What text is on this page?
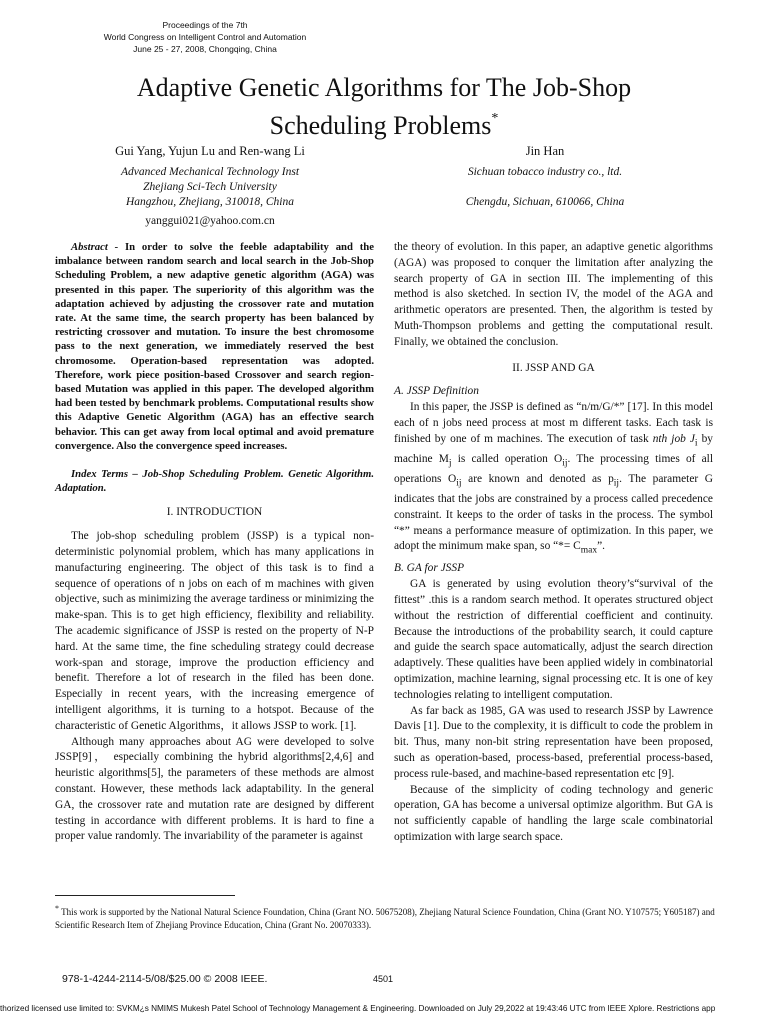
Proceedings of the 7th
World Congress on Intelligent Control and Automation
June 25 - 27, 2008, Chongqing, China
Adaptive Genetic Algorithms for The Job-Shop
Scheduling Problems*
Gui Yang, Yujun Lu and Ren-wang Li
Advanced Mechanical Technology Inst
Zhejiang Sci-Tech University
Hangzhou, Zhejiang, 310018, China
yanggui021@yahoo.com.cn
Jin Han
Sichuan tobacco industry co., ltd.
Chengdu, Sichuan, 610066, China

Abstract - In order to solve the feeble adaptability and the imbalance between random search and local search in the Job-Shop Scheduling Problem, a new adaptive genetic algorithm (AGA) was presented in this paper. The superiority of this algorithm was the adaptation achieved by adjusting the crossover rate and mutation rate. At the same time, the search property has been balanced by restricting crossover and mutation. To insure the best chromosome pass to the next generation, we immediately reserved the best chromosome. Operation-based representation was adopted. Therefore, work piece position-based Crossover and search region-based Mutation was applied in this paper. The developed algorithm had been tested by benchmark problems. Computational results show this Adaptive Genetic Algorithm (AGA) has an effective search behavior. This can get away from local optimal and avoid premature convergence. Also the convergence speed increases.

Index Terms – Job-Shop Scheduling Problem. Genetic Algorithm. Adaptation.

I. INTRODUCTION

The job-shop scheduling problem (JSSP) is a typical non-deterministic polynomial problem, which has many applications in manufacturing engineering. The object of this task is to find a sequence of operations of n jobs on each of m machines with given objective, such as minimizing the average tardiness or minimizing the make-span. This is to get high efficiency, flexibility and reliability. The academic significance of JSSP is rested on the property of N-P hard. At the same time, the fine scheduling strategy could decrease work-span and storage, improve the production efficiency and benefit. Therefore a lot of research in the filed has been done. Especially in recent years, with the increasing emergence of intelligent algorithms, it is turning to a hotspot. Because of the characteristic of Genetic Algorithms，it allows JSSP to work. [1].

Although many approaches about AG were developed to solve JSSP[9]， especially combining the hybrid algorithms[2,4,6] and heuristic algorithms[5], the parameters of these methods are almost constant. However, these methods lack adaptability. In the general GA, the crossover rate and mutation rate are designed by different testing in accordance with different problems. It is hard to fine a proper value randomly. The invariability of the parameter is against

the theory of evolution. In this paper, an adaptive genetic algorithms (AGA) was proposed to conquer the limitation after analyzing the search property of GA in section III. The implementing of this method is also sketched. In section IV, the model of the AGA and arithmetic operators are presented. Then, the algorithm is tested by Muth-Thompson problems and getting the computational result. Finally, we obtained the conclusion.

II. JSSP AND GA

A. JSSP Definition

In this paper, the JSSP is defined as “n/m/G/*” [17]. In this model each of n jobs need process at most m different tasks. Each task is finished by one of m machines. The execution of task nth job $J_i$ by machine $M_j$ is called operation $O_{ij}$. The processing times of all operations $O_{ij}$ are known and denoted as $p_{ij}$. The parameter G indicates that the jobs are constrained by a process called precedence constraint. It keeps to the order of tasks in the process. The symbol “*” means a performance measure of optimization. In this paper, we adopt the minimum make span, so “*= $C_{max}$”.

B. GA for JSSP

GA is generated by using evolution theory’s“survival of the fittest” .this is a random search method. It operates structured object without the restriction of differential coefficient and continuity. Because the introductions of the probability search, it could capture and guide the search space automatically, adjust the search direction adaptively. These qualities have been applied widely in combinatorial optimization, machine learning, signal processing etc. It is one of key technologies relating to intelligent computation.

As far back as 1985, GA was used to research JSSP by Lawrence Davis [1]. Due to the complexity, it is difficult to code the problem in bit. Thus, many non-bit string representation have been proposed, such as operation-based, process-based, preferential process-based, process rule-based, and machine-based representation etc [9].

Because of the simplicity of coding technology and generic operation, GA has become a universal optimize algorithm. But GA is not sufficiently capable of handling the large scale combinatorial optimization with large search space.

* This work is supported by the National Natural Science Foundation, China (Grant NO. 50675208), Zhejiang Natural Science Foundation, China (Grant NO. Y107575; Y605187) and Scientific Research Item of Zhejiang Province Education, China (Grant No. 20070333).
978-1-4244-2114-5/08/$25.00 © 2008 IEEE.	4501
thorized licensed use limited to: SVKM¿s NMIMS Mukesh Patel School of Technology Management & Engineering. Downloaded on July 29,2022 at 19:43:46 UTC from IEEE Xplore. Restrictions app
